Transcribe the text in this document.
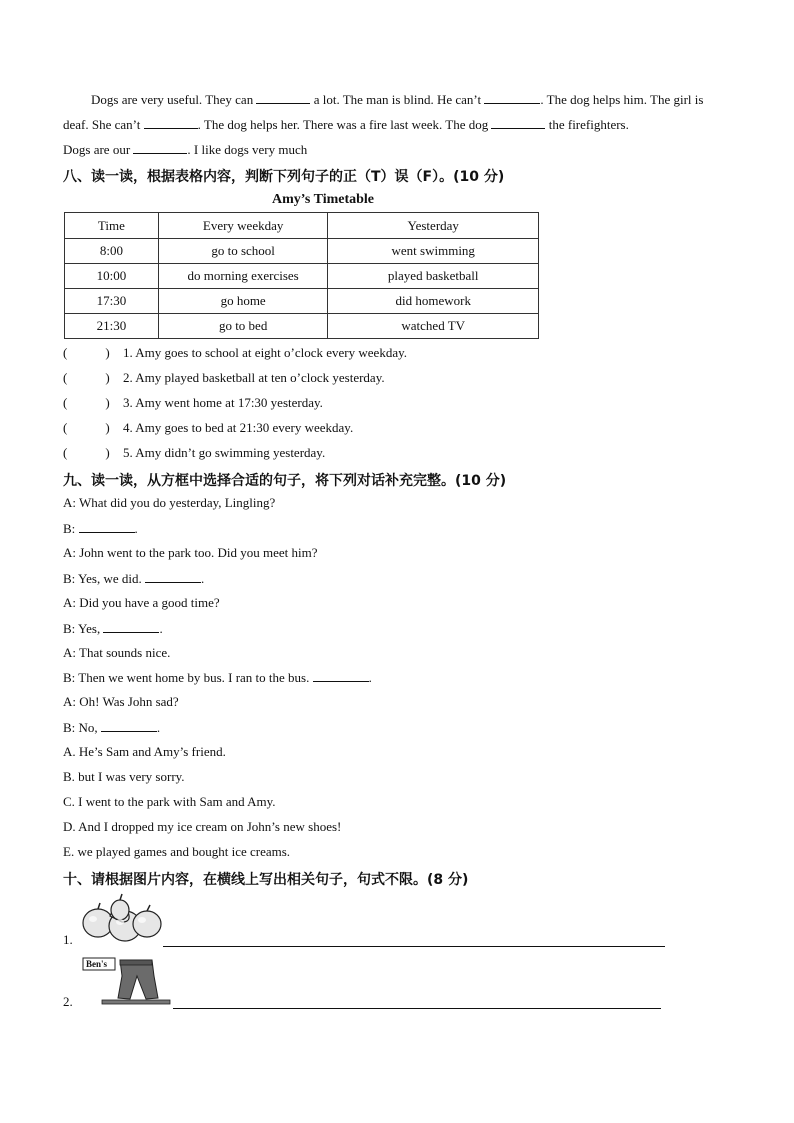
Dogs are very useful. They can	a lot. The man is blind. He can’t	. The dog helps him. The girl is deaf. She can’t	. The dog helps her. There was a fire last week. The dog	the firefighters.
Dogs are our	. I like dogs very much
八、读一读，根据表格内容，判断下列句子的正（T）误（F）。(10 分)
Amy’s Timetable
Time	Every weekday	Yesterday
8:00	go to school	went swimming
10:00	do morning exercises	played basketball
17:30	go home	did homework
21:30	go to bed	watched TV
(	) 1. Amy goes to school at eight o’clock every weekday.
(	) 2. Amy played basketball at ten o’clock yesterday.
(	) 3. Amy went home at 17:30 yesterday.
(	) 4. Amy goes to bed at 21:30 every weekday.
(	) 5. Amy didn’t go swimming yesterday.
九、读一读，从方框中选择合适的句子，将下列对话补充完整。(10 分)
A: What did you do yesterday, Lingling?
B:	.
A: John went to the park too. Did you meet him?
B: Yes, we did.	.
A: Did you have a good time?
B: Yes,	.
A: That sounds nice.
B: Then we went home by bus. I ran to the bus.	.
A: Oh! Was John sad?
B: No,	.
A. He’s Sam and Amy’s friend.
B. but I was very sorry.
C. I went to the park with Sam and Amy.
D. And I dropped my ice cream on John’s new shoes!
E. we played games and bought ice creams.
十、请根据图片内容，在横线上写出相关句子，句式不限。(8 分)
1.
2.
Ben's
